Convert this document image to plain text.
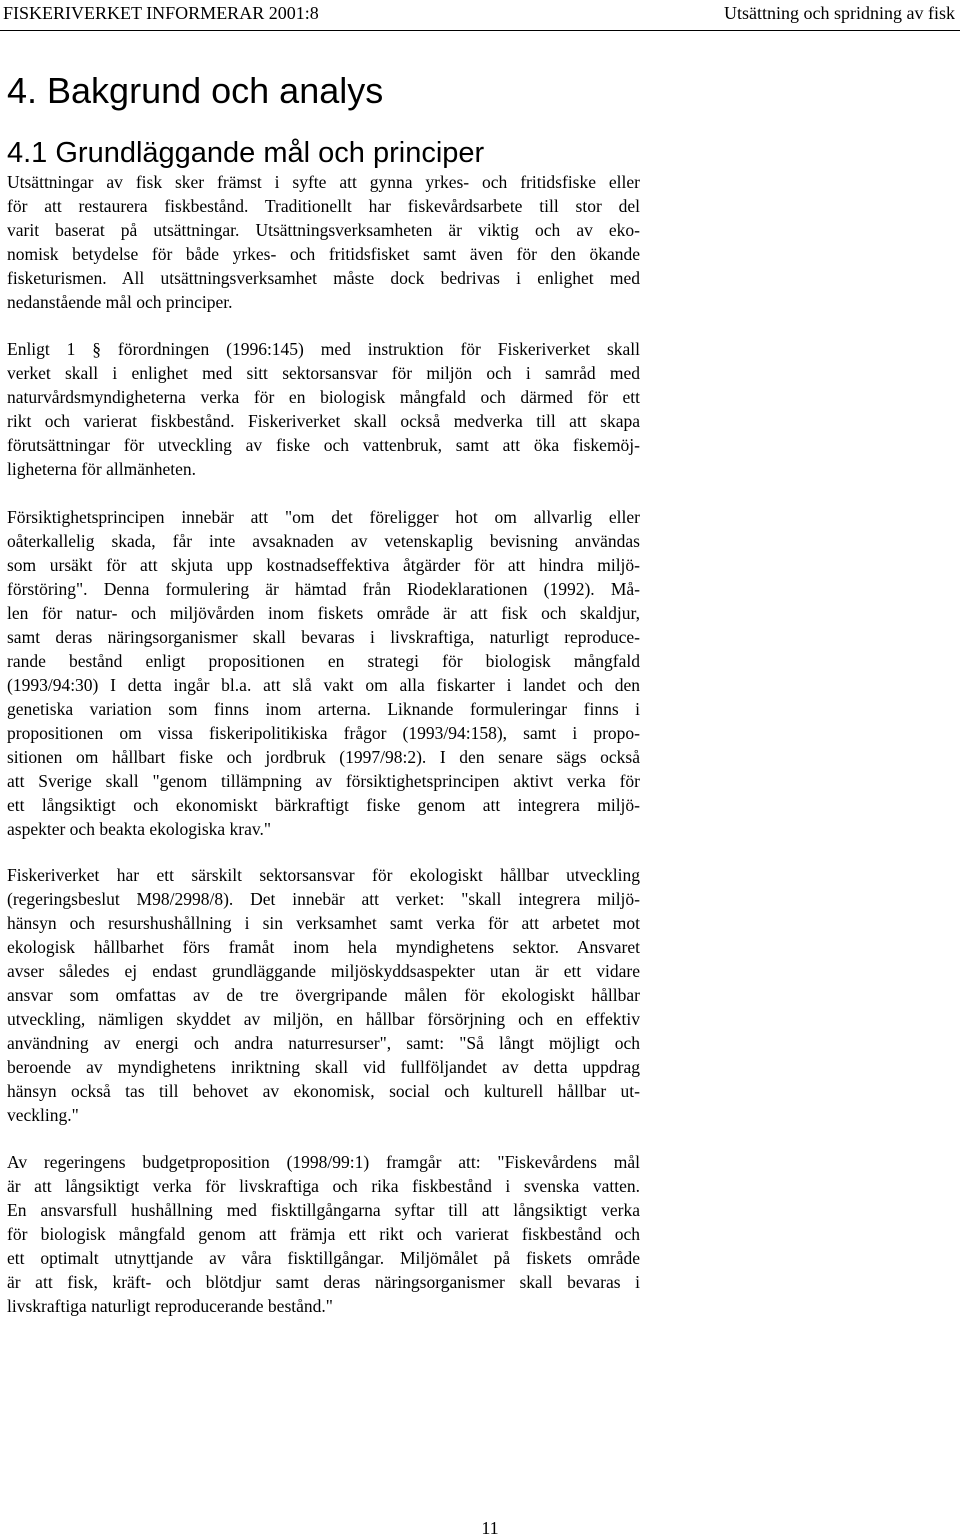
FISKERIVERKET INFORMERAR 2001:8	Utsättning och spridning av fisk
4. Bakgrund och analys
4.1 Grundläggande mål och principer
Utsättningar av fisk sker främst i syfte att gynna yrkes- och fritidsfiske eller
för att restaurera fiskbestånd. Traditionellt har fiskevårdsarbete till stor del
varit baserat på utsättningar. Utsättningsverksamheten är viktig och av eko-
nomisk betydelse för både yrkes- och fritidsfisket samt även för den ökande
fisketurismen. All utsättningsverksamhet måste dock bedrivas i enlighet med
nedanstående mål och principer.
Enligt 1 § förordningen (1996:145) med instruktion för Fiskeriverket skall
verket skall i enlighet med sitt sektorsansvar för miljön och i samråd med
naturvårdsmyndigheterna verka för en biologisk mångfald och därmed för ett
rikt och varierat fiskbestånd. Fiskeriverket skall också medverka till att skapa
förutsättningar för utveckling av fiske och vattenbruk, samt att öka fiskemöj-
ligheterna för allmänheten.
Försiktighetsprincipen innebär att "om det föreligger hot om allvarlig eller
oåterkallelig skada, får inte avsaknaden av vetenskaplig bevisning användas
som ursäkt för att skjuta upp kostnadseffektiva åtgärder för att hindra miljö-
förstöring". Denna formulering är hämtad från Riodeklarationen (1992). Må-
len för natur- och miljövården inom fiskets område är att fisk och skaldjur,
samt deras näringsorganismer skall bevaras i livskraftiga, naturligt reproduce-
rande bestånd enligt propositionen en strategi för biologisk mångfald
(1993/94:30) I detta ingår bl.a. att slå vakt om alla fiskarter i landet och den
genetiska variation som finns inom arterna. Liknande formuleringar finns i
propositionen om vissa fiskeripolitikiska frågor (1993/94:158), samt i propo-
sitionen om hållbart fiske och jordbruk (1997/98:2). I den senare sägs också
att Sverige skall "genom tillämpning av försiktighetsprincipen aktivt verka för
ett långsiktigt och ekonomiskt bärkraftigt fiske genom att integrera miljö-
aspekter och beakta ekologiska krav."
Fiskeriverket har ett särskilt sektorsansvar för ekologiskt hållbar utveckling
(regeringsbeslut M98/2998/8). Det innebär att verket: "skall integrera miljö-
hänsyn och resurshushållning i sin verksamhet samt verka för att arbetet mot
ekologisk hållbarhet förs framåt inom hela myndighetens sektor. Ansvaret
avser således ej endast grundläggande miljöskyddsaspekter utan är ett vidare
ansvar som omfattas av de tre övergripande målen för ekologiskt hållbar
utveckling, nämligen skyddet av miljön, en hållbar försörjning och en effektiv
användning av energi och andra naturresurser", samt: "Så långt möjligt och
beroende av myndighetens inriktning skall vid fullföljandet av detta uppdrag
hänsyn också tas till behovet av ekonomisk, social och kulturell hållbar ut-
veckling."
Av regeringens budgetproposition (1998/99:1) framgår att: "Fiskevårdens mål
är att långsiktigt verka för livskraftiga och rika fiskbestånd i svenska vatten.
En ansvarsfull hushållning med fisktillgångarna syftar till att långsiktigt verka
för biologisk mångfald genom att främja ett rikt och varierat fiskbestånd och
ett optimalt utnyttjande av våra fisktillgångar. Miljömålet på fiskets område
är att fisk, kräft- och blötdjur samt deras näringsorganismer skall bevaras i
livskraftiga naturligt reproducerande bestånd."
11
